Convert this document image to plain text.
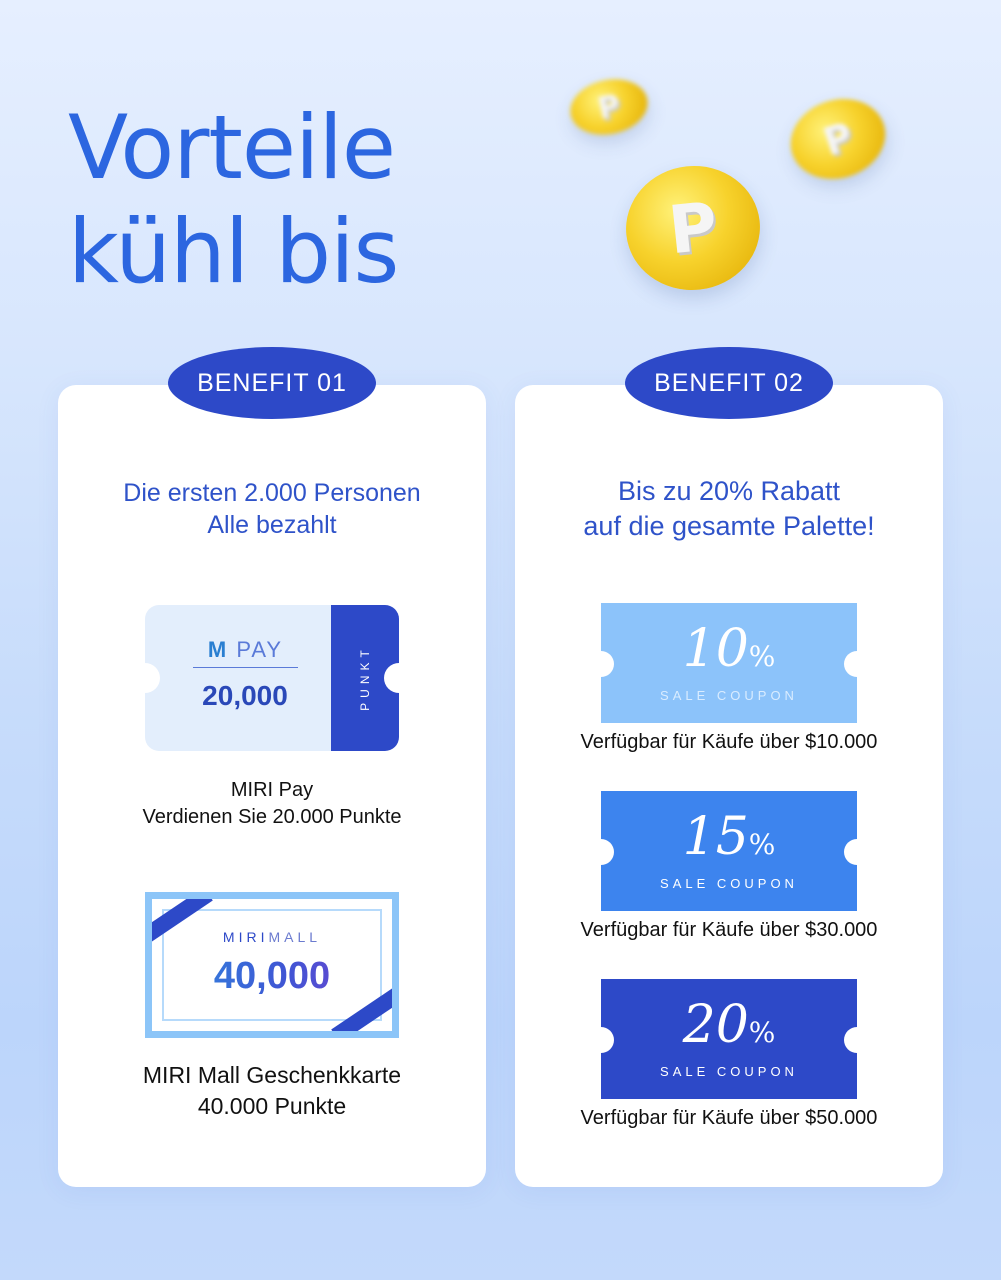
Vorteile
kühl bis
P
P
P
Die ersten 2.000 Personen
Alle bezahlt
M PAY
20,000	PUNKT
MIRI Pay
Verdienen Sie 20.000 Punkte
MIRIMALL
40,000
MIRI Mall Geschenkkarte
40.000 Punkte
Bis zu 20% Rabatt
auf die gesamte Palette!
10%
SALE COUPON
Verfügbar für Käufe über $10.000
15%
SALE COUPON
Verfügbar für Käufe über $30.000
20%
SALE COUPON
Verfügbar für Käufe über $50.000
BENEFIT 01	BENEFIT 02
